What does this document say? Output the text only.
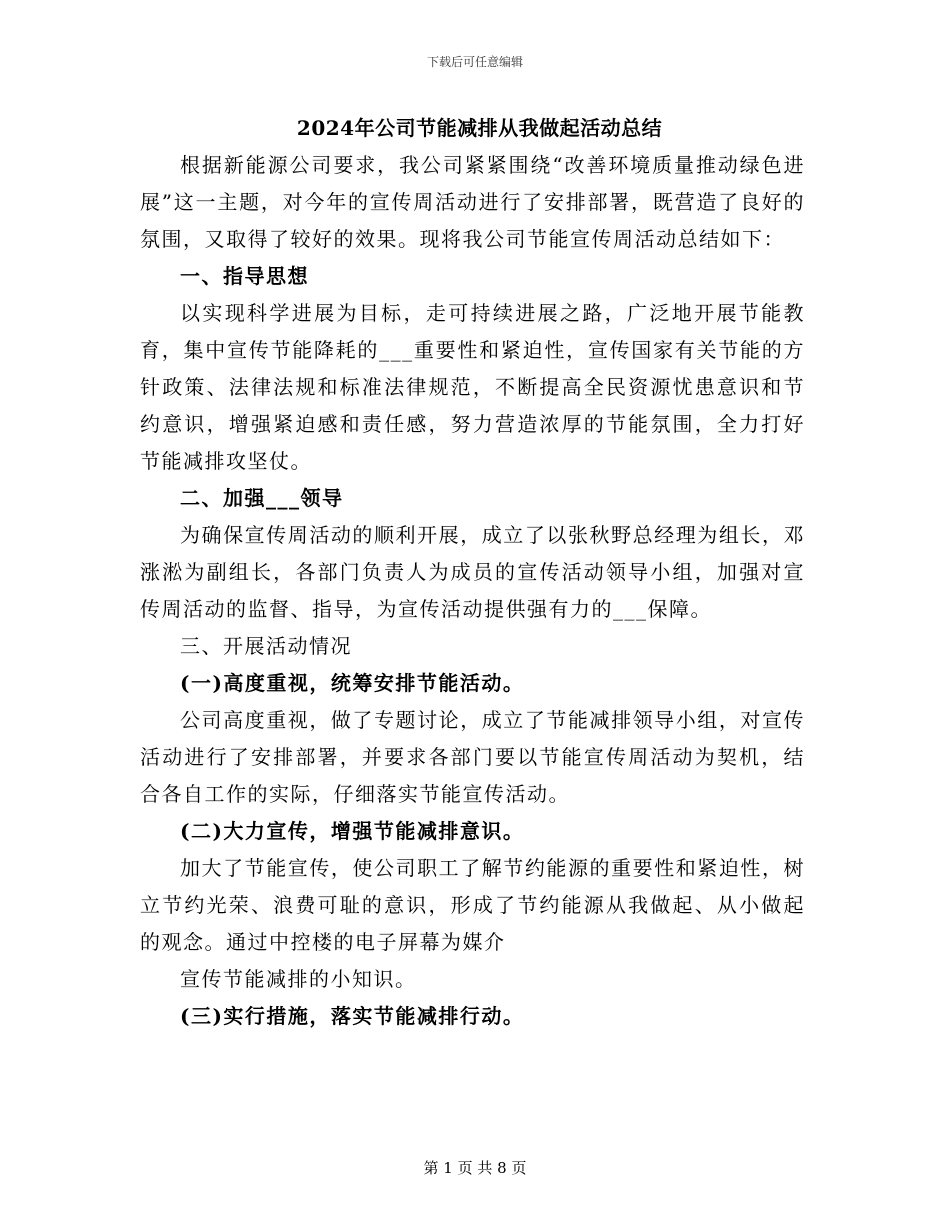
下载后可任意编辑
2024年公司节能减排从我做起活动总结

根据新能源公司要求，我公司紧紧围绕“改善环境质量推动绿色进展”这一主题，对今年的宣传周活动进行了安排部署，既营造了良好的氛围，又取得了较好的效果。现将我公司节能宣传周活动总结如下：

一、指导思想

以实现科学进展为目标，走可持续进展之路，广泛地开展节能教育，集中宣传节能降耗的___重要性和紧迫性，宣传国家有关节能的方针政策、法律法规和标准法律规范，不断提高全民资源忧患意识和节约意识，增强紧迫感和责任感，努力营造浓厚的节能氛围，全力打好节能减排攻坚仗。

二、加强___领导

为确保宣传周活动的顺利开展，成立了以张秋野总经理为组长，邓涨淞为副组长，各部门负责人为成员的宣传活动领导小组，加强对宣传周活动的监督、指导，为宣传活动提供强有力的___保障。

三、开展活动情况

(一)高度重视，统筹安排节能活动。

公司高度重视，做了专题讨论，成立了节能减排领导小组，对宣传活动进行了安排部署，并要求各部门要以节能宣传周活动为契机，结合各自工作的实际，仔细落实节能宣传活动。

(二)大力宣传，增强节能减排意识。

加大了节能宣传，使公司职工了解节约能源的重要性和紧迫性，树立节约光荣、浪费可耻的意识，形成了节约能源从我做起、从小做起的观念。通过中控楼的电子屏幕为媒介

宣传节能减排的小知识。

(三)实行措施，落实节能减排行动。

第 1 页 共 8 页
